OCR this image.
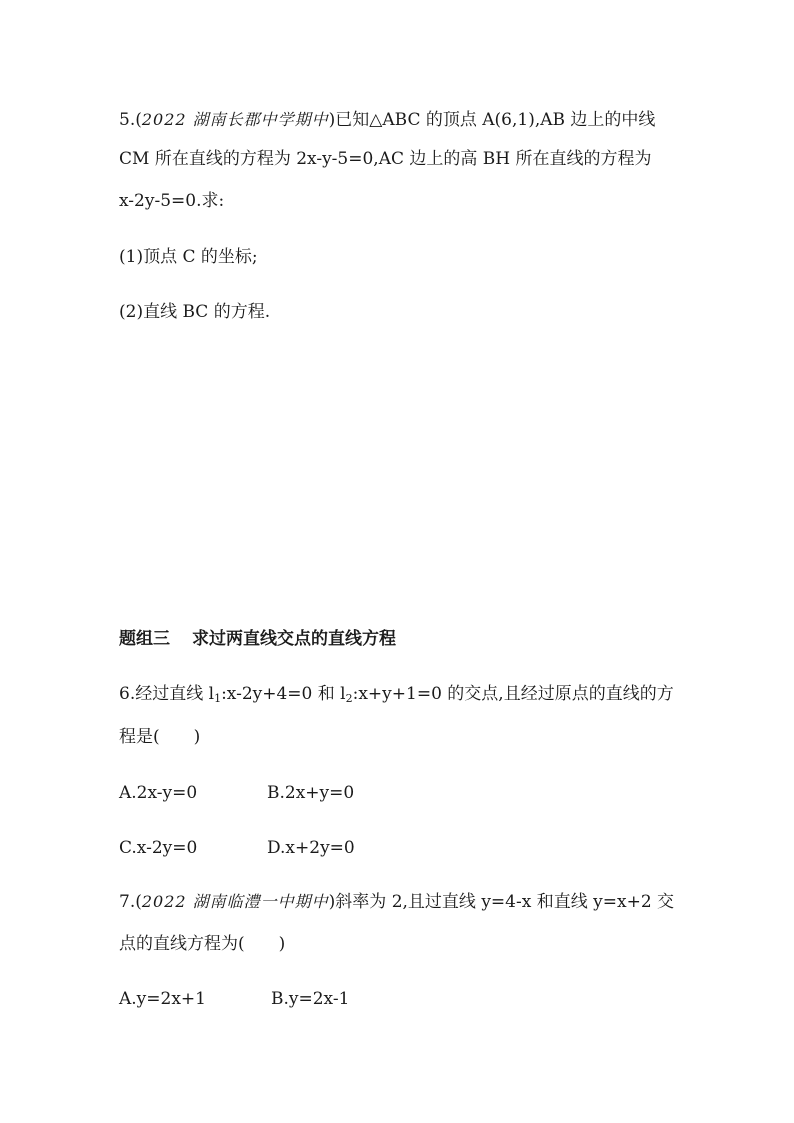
5.(2022 湖南长郡中学期中)已知△ABC 的顶点 A(6,1),AB 边上的中线
CM 所在直线的方程为 2x-y-5=0,AC 边上的高 BH 所在直线的方程为
x-2y-5=0.求:
(1)顶点 C 的坐标;
(2)直线 BC 的方程.
题组三 求过两直线交点的直线方程
6.经过直线 $l_1:x-2y+4=0$ 和 $l_2:x+y+1=0$ 的交点,且经过原点的直线的方
程是( )
A.2x-y=0	B.2x+y=0
C.x-2y=0	D.x+2y=0
7.(2022 湖南临澧一中期中)斜率为 2,且过直线 y=4-x 和直线 y=x+2 交
点的直线方程为( )
A.y=2x+1	B.y=2x-1
